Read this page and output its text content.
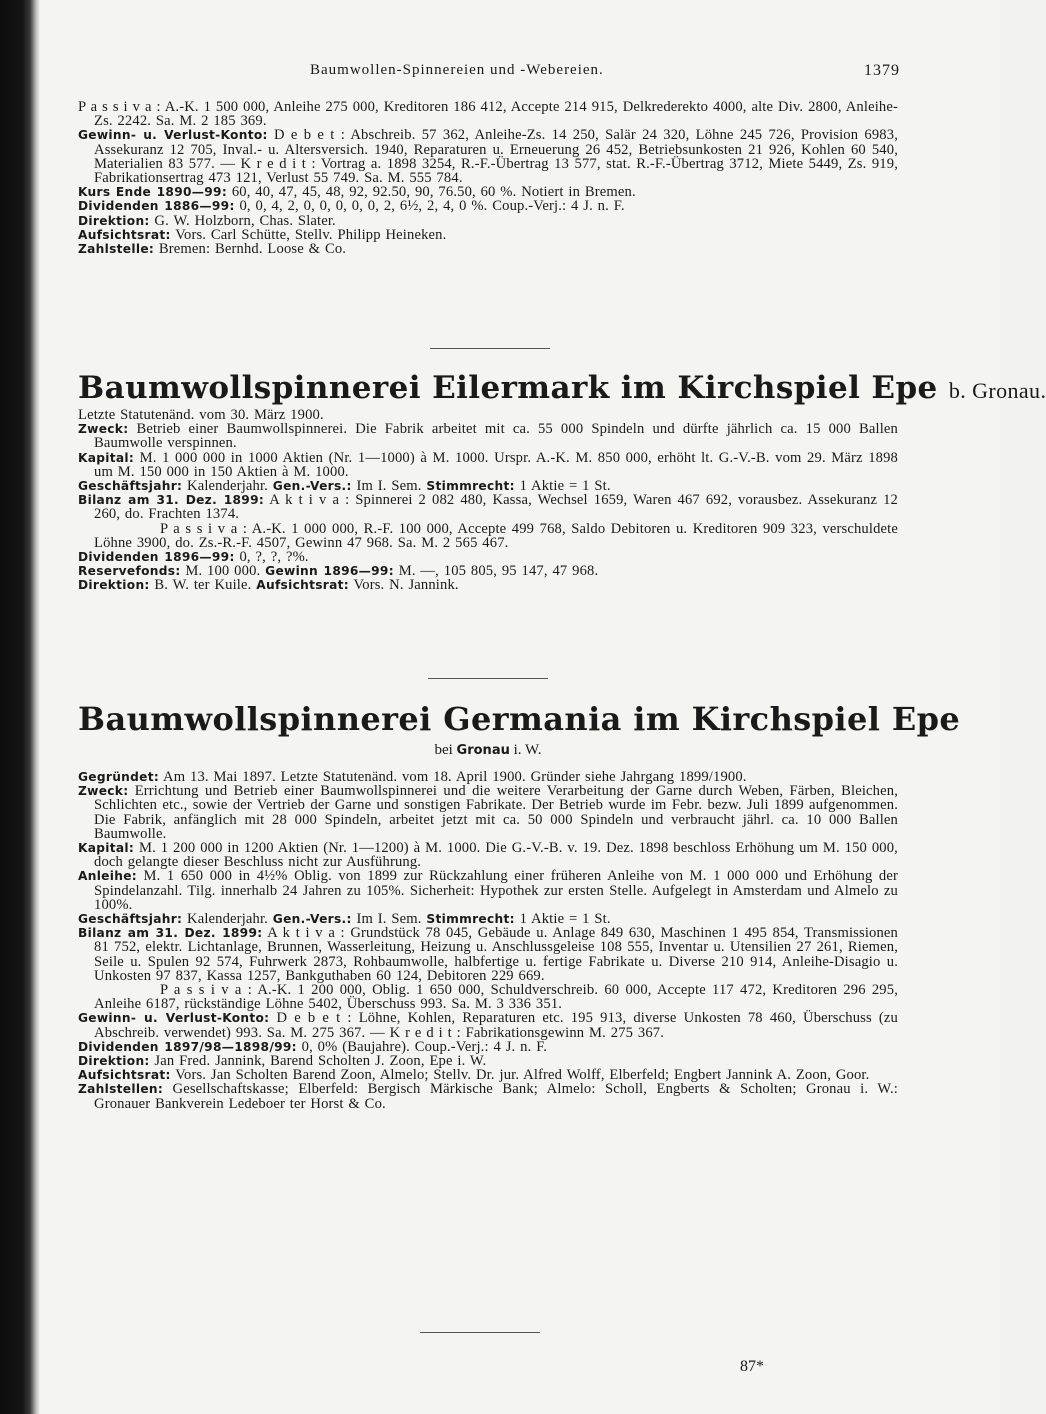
Baumwollen-Spinnereien und -Webereien.	1379

P a s s i v a : A.-K. 1 500 000, Anleihe 275 000, Kreditoren 186 412, Accepte 214 915, Delkrederekto 4000, alte Div. 2800, Anleihe-Zs. 2242. Sa. M. 2 185 369.

Gewinn- u. Verlust-Konto: D e b e t : Abschreib. 57 362, Anleihe-Zs. 14 250, Salär 24 320, Löhne 245 726, Provision 6983, Assekuranz 12 705, Inval.- u. Altersversich. 1940, Reparaturen u. Erneuerung 26 452, Betriebsunkosten 21 926, Kohlen 60 540, Materialien 83 577. — K r e d i t : Vortrag a. 1898 3254, R.-F.-Übertrag 13 577, stat. R.-F.-Übertrag 3712, Miete 5449, Zs. 919, Fabrikationsertrag 473 121, Verlust 55 749. Sa. M. 555 784.

Kurs Ende 1890—99: 60, 40, 47, 45, 48, 92, 92.50, 90, 76.50, 60 %. Notiert in Bremen.

Dividenden 1886—99: 0, 0, 4, 2, 0, 0, 0, 0, 0, 2, 6½, 2, 4, 0 %. Coup.-Verj.: 4 J. n. F.

Direktion: G. W. Holzborn, Chas. Slater.

Aufsichtsrat: Vors. Carl Schütte, Stellv. Philipp Heineken.

Zahlstelle: Bremen: Bernhd. Loose & Co.

Baumwollspinnerei Eilermark im Kirchspiel Epe b. Gronau.

Letzte Statutenänd. vom 30. März 1900.

Zweck: Betrieb einer Baumwollspinnerei. Die Fabrik arbeitet mit ca. 55 000 Spindeln und dürfte jährlich ca. 15 000 Ballen Baumwolle verspinnen.

Kapital: M. 1 000 000 in 1000 Aktien (Nr. 1—1000) à M. 1000. Urspr. A.-K. M. 850 000, erhöht lt. G.-V.-B. vom 29. März 1898 um M. 150 000 in 150 Aktien à M. 1000.

Geschäftsjahr: Kalenderjahr. Gen.-Vers.: Im I. Sem. Stimmrecht: 1 Aktie = 1 St.

Bilanz am 31. Dez. 1899: A k t i v a : Spinnerei 2 082 480, Kassa, Wechsel 1659, Waren 467 692, vorausbez. Assekuranz 12 260, do. Frachten 1374.

P a s s i v a : A.-K. 1 000 000, R.-F. 100 000, Accepte 499 768, Saldo Debitoren u. Kreditoren 909 323, verschuldete Löhne 3900, do. Zs.-R.-F. 4507, Gewinn 47 968. Sa. M. 2 565 467.

Dividenden 1896—99: 0, ?, ?, ?%.

Reservefonds: M. 100 000. Gewinn 1896—99: M. —, 105 805, 95 147, 47 968.

Direktion: B. W. ter Kuile. Aufsichtsrat: Vors. N. Jannink.

Baumwollspinnerei Germania im Kirchspiel Epe
bei Gronau i. W.

Gegründet: Am 13. Mai 1897. Letzte Statutenänd. vom 18. April 1900. Gründer siehe Jahrgang 1899/1900.

Zweck: Errichtung und Betrieb einer Baumwollspinnerei und die weitere Verarbeitung der Garne durch Weben, Färben, Bleichen, Schlichten etc., sowie der Vertrieb der Garne und sonstigen Fabrikate. Der Betrieb wurde im Febr. bezw. Juli 1899 aufgenommen. Die Fabrik, anfänglich mit 28 000 Spindeln, arbeitet jetzt mit ca. 50 000 Spindeln und verbraucht jährl. ca. 10 000 Ballen Baumwolle.

Kapital: M. 1 200 000 in 1200 Aktien (Nr. 1—1200) à M. 1000. Die G.-V.-B. v. 19. Dez. 1898 beschloss Erhöhung um M. 150 000, doch gelangte dieser Beschluss nicht zur Ausführung.

Anleihe: M. 1 650 000 in 4½% Oblig. von 1899 zur Rückzahlung einer früheren Anleihe von M. 1 000 000 und Erhöhung der Spindelanzahl. Tilg. innerhalb 24 Jahren zu 105%. Sicherheit: Hypothek zur ersten Stelle. Aufgelegt in Amsterdam und Almelo zu 100%.

Geschäftsjahr: Kalenderjahr. Gen.-Vers.: Im I. Sem. Stimmrecht: 1 Aktie = 1 St.

Bilanz am 31. Dez. 1899: A k t i v a : Grundstück 78 045, Gebäude u. Anlage 849 630, Maschinen 1 495 854, Transmissionen 81 752, elektr. Lichtanlage, Brunnen, Wasserleitung, Heizung u. Anschlussgeleise 108 555, Inventar u. Utensilien 27 261, Riemen, Seile u. Spulen 92 574, Fuhrwerk 2873, Rohbaumwolle, halbfertige u. fertige Fabrikate u. Diverse 210 914, Anleihe-Disagio u. Unkosten 97 837, Kassa 1257, Bankguthaben 60 124, Debitoren 229 669.

P a s s i v a : A.-K. 1 200 000, Oblig. 1 650 000, Schuldverschreib. 60 000, Accepte 117 472, Kreditoren 296 295, Anleihe 6187, rückständige Löhne 5402, Überschuss 993. Sa. M. 3 336 351.

Gewinn- u. Verlust-Konto: D e b e t : Löhne, Kohlen, Reparaturen etc. 195 913, diverse Unkosten 78 460, Überschuss (zu Abschreib. verwendet) 993. Sa. M. 275 367. — K r e d i t : Fabrikationsgewinn M. 275 367.

Dividenden 1897/98—1898/99: 0, 0% (Baujahre). Coup.-Verj.: 4 J. n. F.

Direktion: Jan Fred. Jannink, Barend Scholten J. Zoon, Epe i. W.

Aufsichtsrat: Vors. Jan Scholten Barend Zoon, Almelo; Stellv. Dr. jur. Alfred Wolff, Elberfeld; Engbert Jannink A. Zoon, Goor.

Zahlstellen: Gesellschaftskasse; Elberfeld: Bergisch Märkische Bank; Almelo: Scholl, Engberts & Scholten; Gronau i. W.: Gronauer Bankverein Ledeboer ter Horst & Co.

87*
